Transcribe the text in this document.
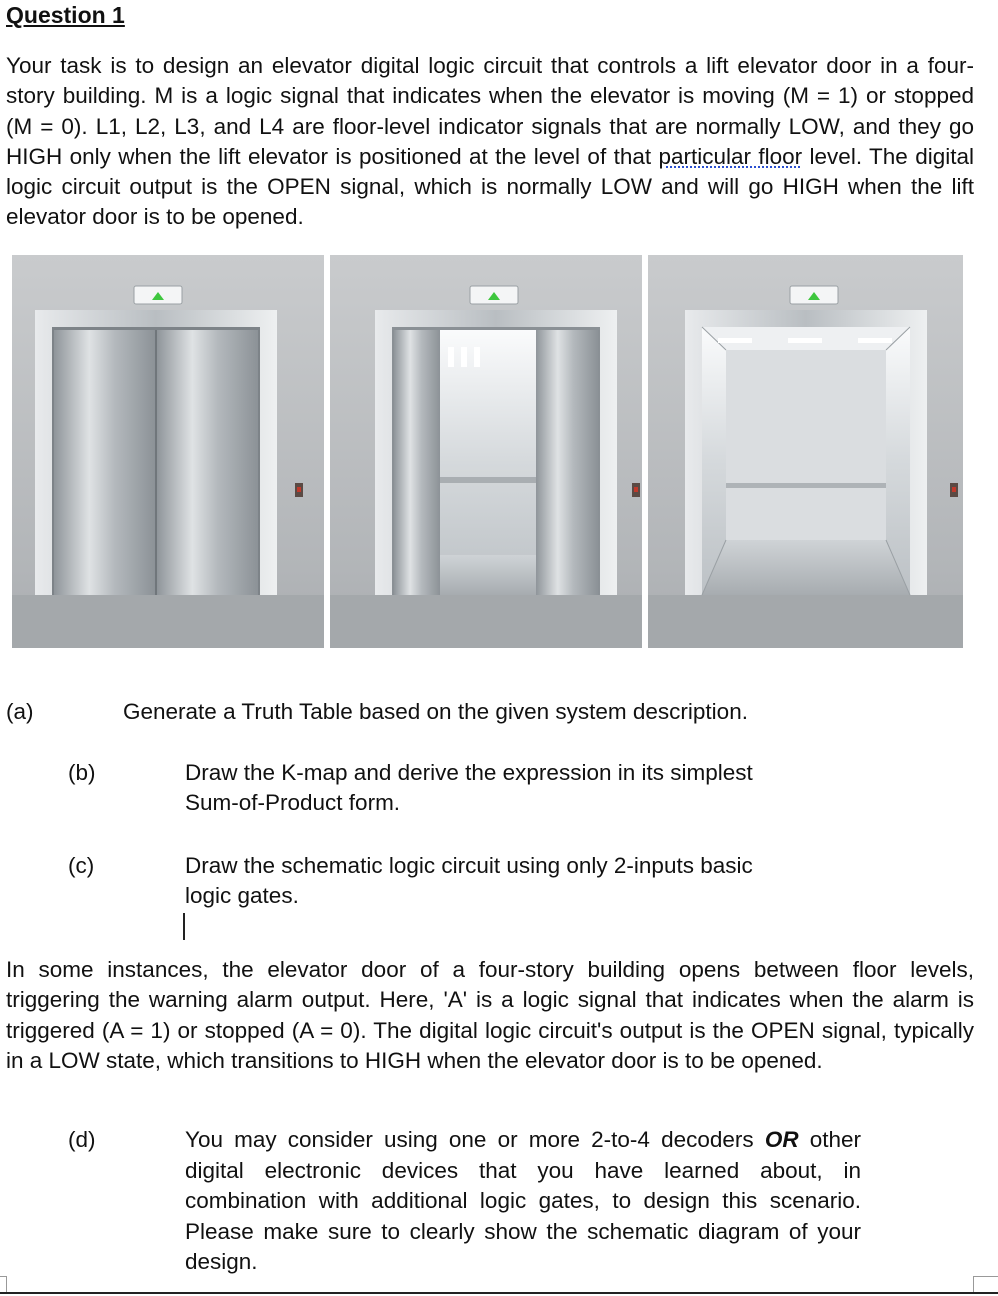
Question 1

Your task is to design an elevator digital logic circuit that controls a lift elevator door in a four-story building. M is a logic signal that indicates when the elevator is moving (M = 1) or stopped (M = 0). L1, L2, L3, and L4 are floor-level indicator signals that are normally LOW, and they go HIGH only when the lift elevator is positioned at the level of that particular floor level. The digital logic circuit output is the OPEN signal, which is normally LOW and will go HIGH when the lift elevator door is to be opened.

(a)	Generate a Truth Table based on the given system description.

(b)	Draw the K-map and derive the expression in its simplest

Sum-of-Product form.

(c)	Draw the schematic logic circuit using only 2-inputs basic

logic gates.

In some instances, the elevator door of a four-story building opens between floor levels, triggering the warning alarm output. Here, 'A' is a logic signal that indicates when the alarm is triggered (A = 1) or stopped (A = 0). The digital logic circuit's output is the OPEN signal, typically in a LOW state, which transitions to HIGH when the elevator door is to be opened.

(d)	You may consider using one or more 2-to-4 decoders OR other digital electronic devices that you have learned about, in combination with additional logic gates, to design this scenario. Please make sure to clearly show the schematic diagram of your design.
